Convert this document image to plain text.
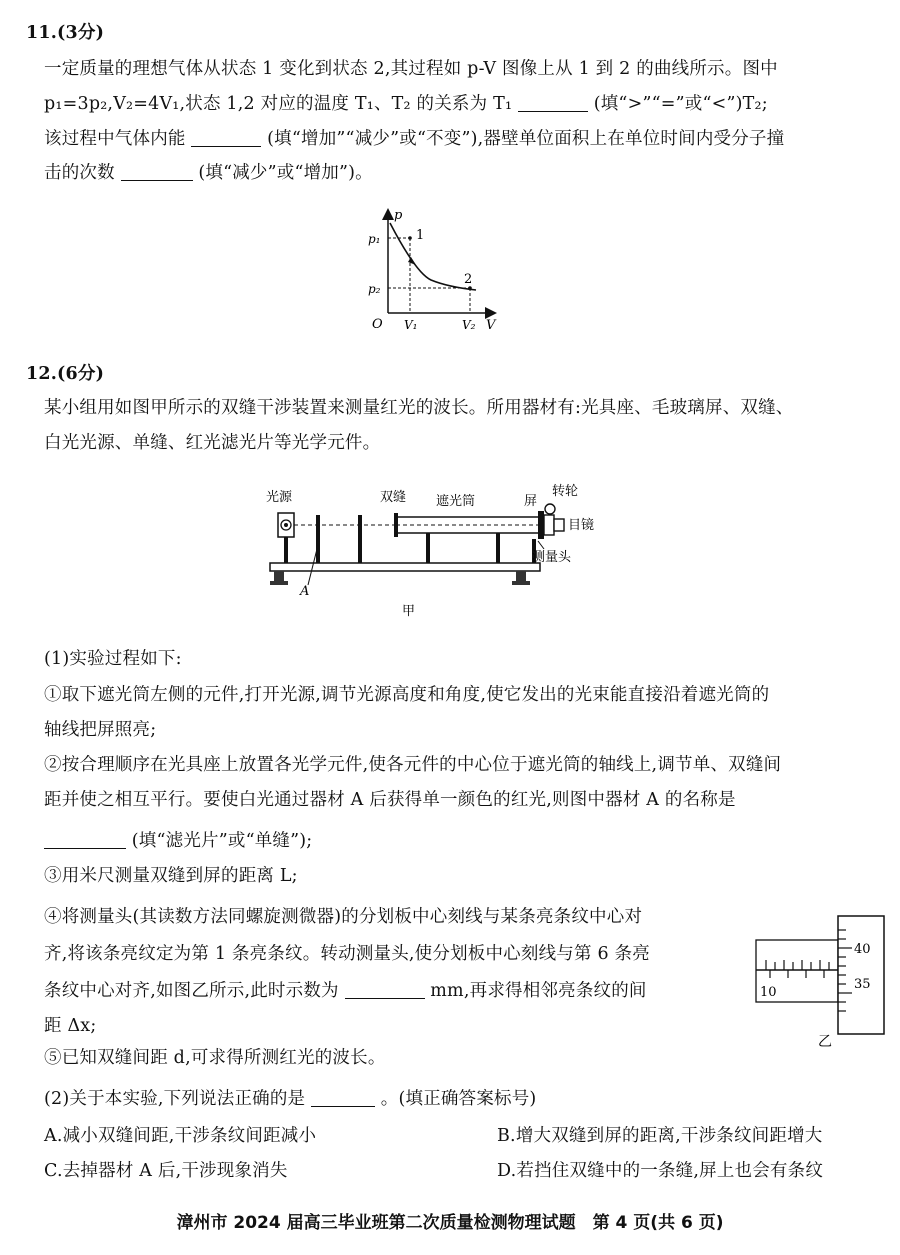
11.(3分)
一定质量的理想气体从状态 1 变化到状态 2,其过程如 p-V 图像上从 1 到 2 的曲线所示。图中
p₁=3p₂,V₂=4V₁,状态 1,2 对应的温度 T₁、T₂ 的关系为 T₁	(填“>”“=”或“<”)T₂;
该过程中气体内能	(填“增加”“减少”或“不变”),器壁单位面积上在单位时间内受分子撞
击的次数	(填“减少”或“增加”)。
p
V
O
p₁
p₂
V₁	V₂
1
2
12.(6分)
某小组用如图甲所示的双缝干涉装置来测量红光的波长。所用器材有:光具座、毛玻璃屏、双缝、
白光光源、单缝、红光滤光片等光学元件。
光源	双缝 遮光筒	屏
转轮
目镜
测量头
A
甲
(1)实验过程如下:
①取下遮光筒左侧的元件,打开光源,调节光源高度和角度,使它发出的光束能直接沿着遮光筒的
轴线把屏照亮;
②按合理顺序在光具座上放置各光学元件,使各元件的中心位于遮光筒的轴线上,调节单、双缝间
距并使之相互平行。要使白光通过器材 A 后获得单一颜色的红光,则图中器材 A 的名称是
(填“滤光片”或“单缝”);
③用米尺测量双缝到屏的距离 L;
④将测量头(其读数方法同螺旋测微器)的分划板中心刻线与某条亮条纹中心对
齐,将该条亮纹定为第 1 条亮条纹。转动测量头,使分划板中心刻线与第 6 条亮
条纹中心对齐,如图乙所示,此时示数为	mm,再求得相邻亮条纹的间
距 Δx;
⑤已知双缝间距 d,可求得所测红光的波长。
40
35
10
乙
(2)关于本实验,下列说法正确的是	。(填正确答案标号)
A.减小双缝间距,干涉条纹间距减小	B.增大双缝到屏的距离,干涉条纹间距增大
C.去掉器材 A 后,干涉现象消失	D.若挡住双缝中的一条缝,屏上也会有条纹
漳州市 2024 届高三毕业班第二次质量检测物理试题　第 4 页(共 6 页)
